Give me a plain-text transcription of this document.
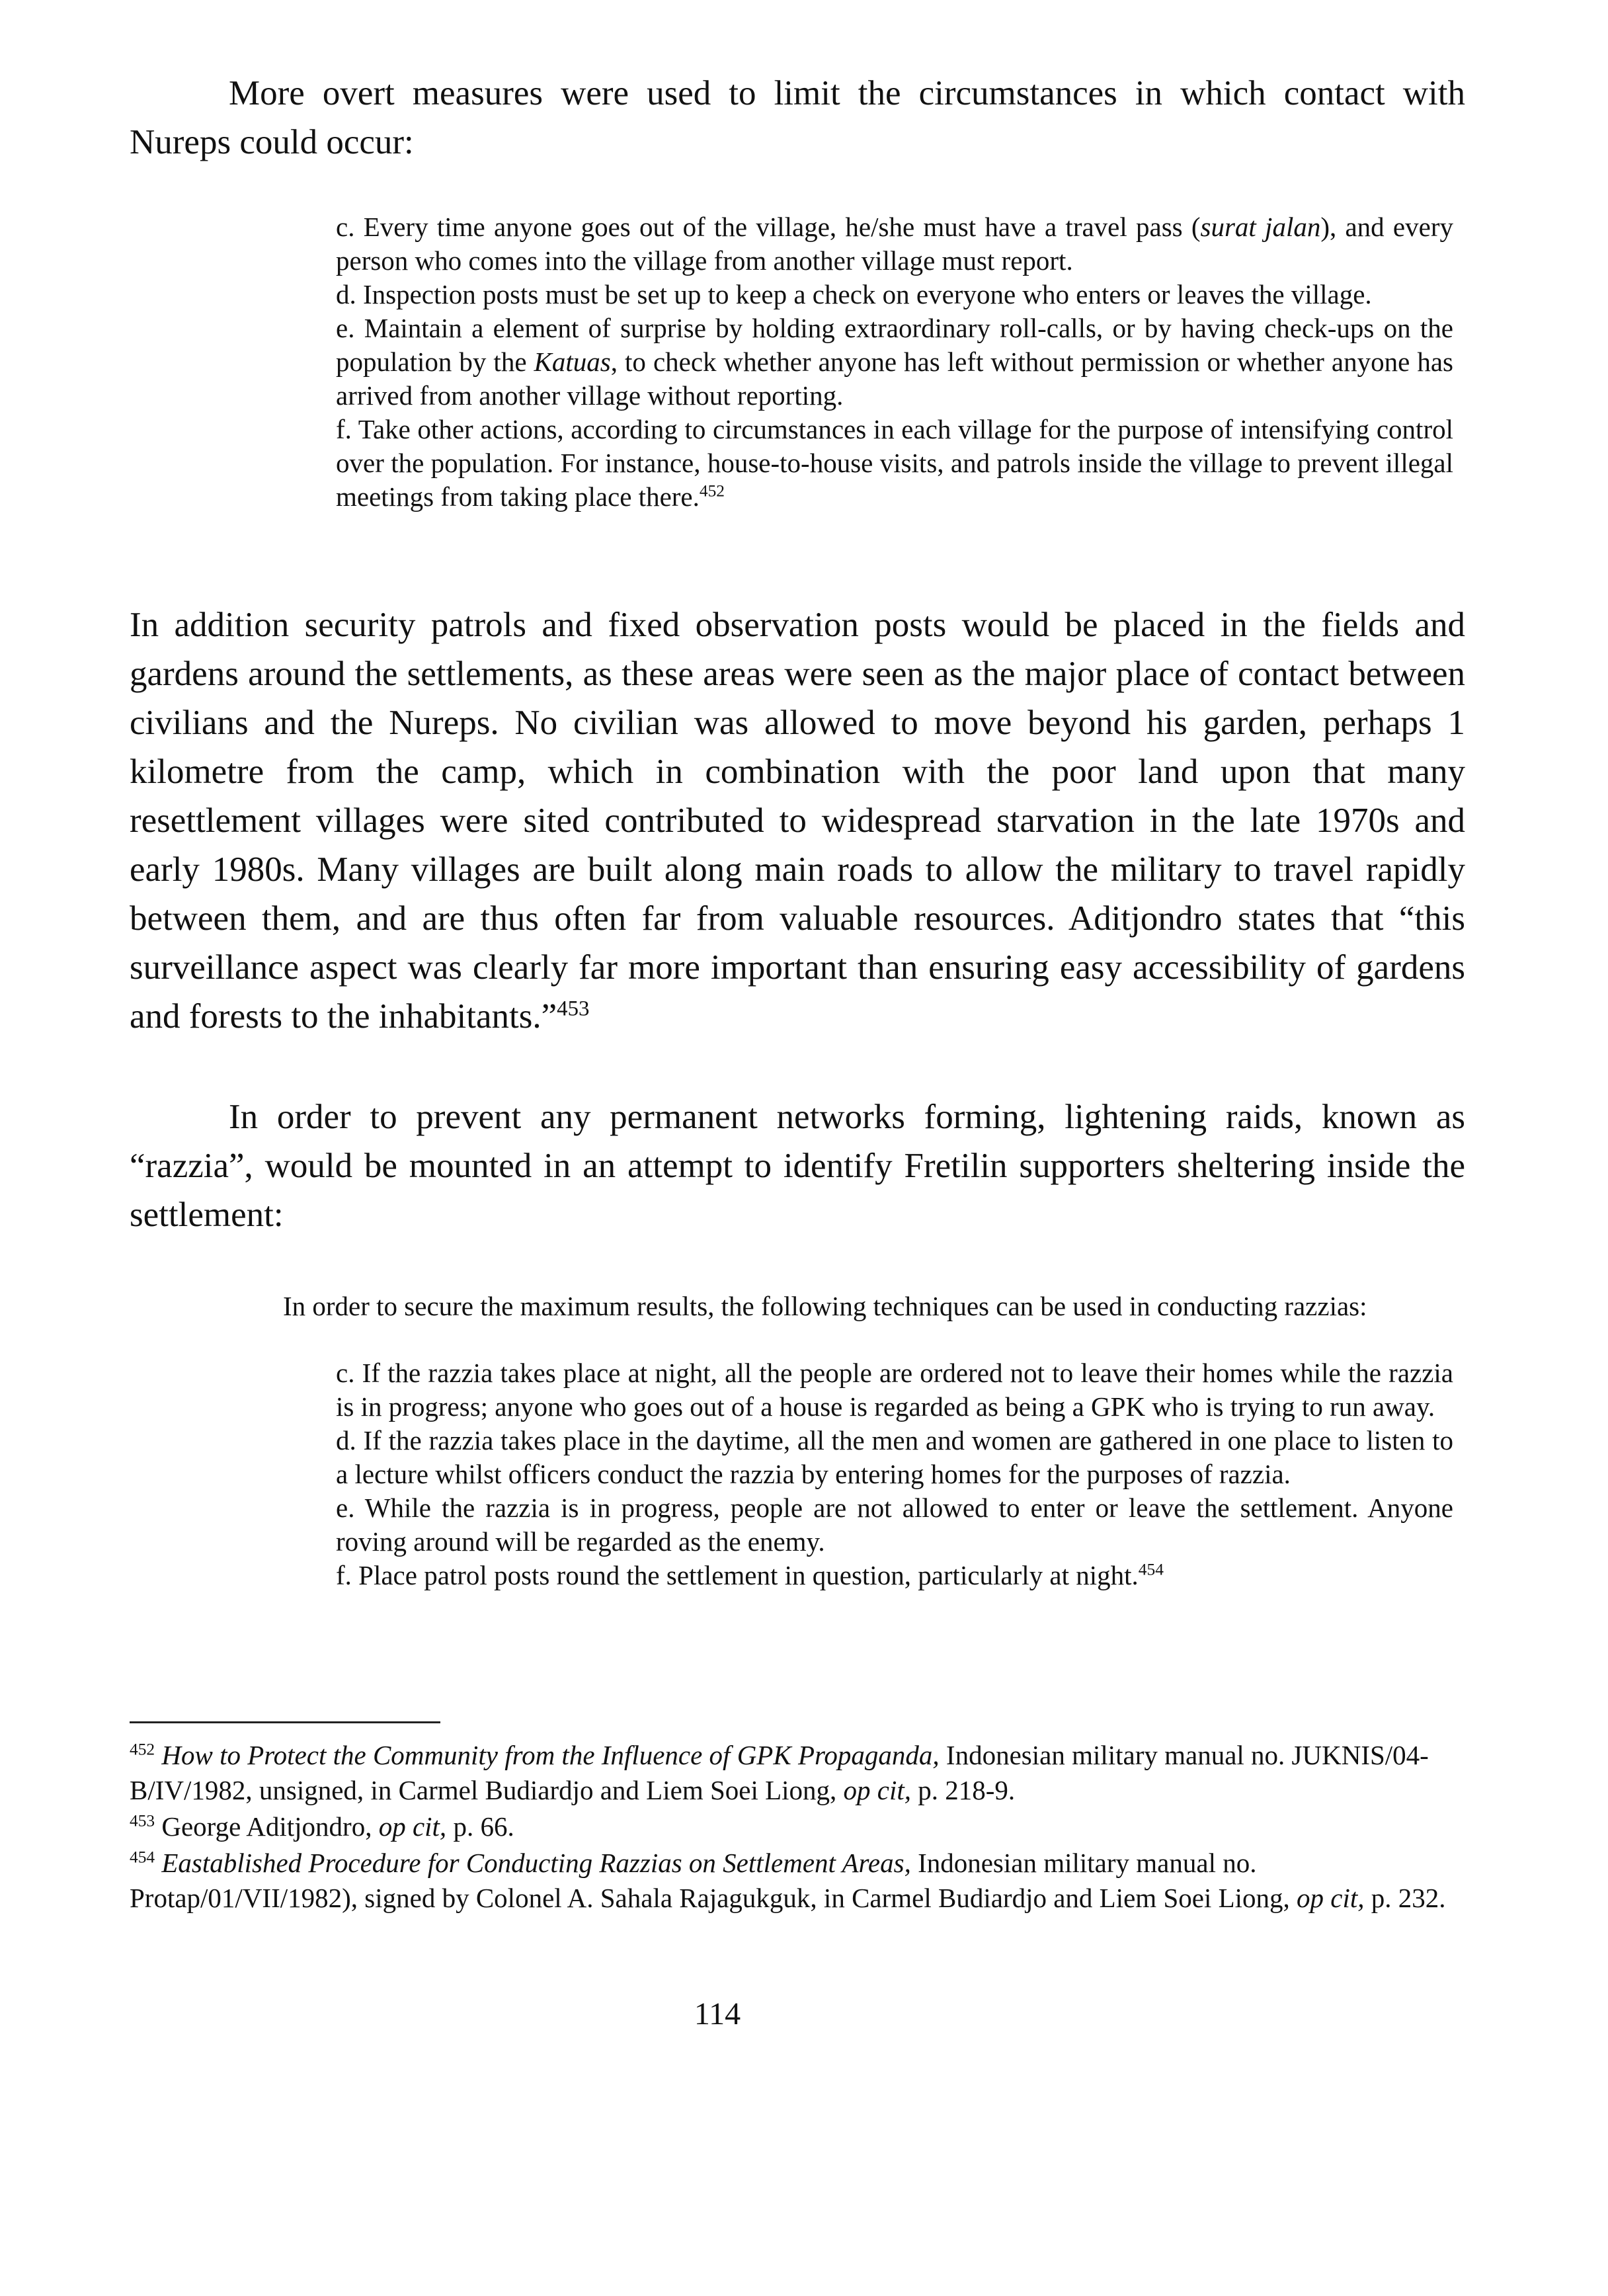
More overt measures were used to limit the circumstances in which contact with Nureps could occur:

c. Every time anyone goes out of the village, he/she must have a travel pass (surat jalan), and every person who comes into the village from another village must report.

d. Inspection posts must be set up to keep a check on everyone who enters or leaves the village.

e. Maintain a element of surprise by holding extraordinary roll-calls, or by having check-ups on the population by the Katuas, to check whether anyone has left without permission or whether anyone has arrived from another village without reporting.

f. Take other actions, according to circumstances in each village for the purpose of intensifying control over the population. For instance, house-to-house visits, and patrols inside the village to prevent illegal meetings from taking place there.$^{452}$

In addition security patrols and fixed observation posts would be placed in the fields and gardens around the settlements, as these areas were seen as the major place of contact between civilians and the Nureps. No civilian was allowed to move beyond his garden, perhaps 1 kilometre from the camp, which in combination with the poor land upon that many resettlement villages were sited contributed to widespread starvation in the late 1970s and early 1980s. Many villages are built along main roads to allow the military to travel rapidly between them, and are thus often far from valuable resources. Aditjondro states that “this surveillance aspect was clearly far more important than ensuring easy accessibility of gardens and forests to the inhabitants.”$^{453}$

In order to prevent any permanent networks forming, lightening raids, known as “razzia”, would be mounted in an attempt to identify Fretilin supporters sheltering inside the settlement:

In order to secure the maximum results, the following techniques can be used in conducting razzias:

c. If the razzia takes place at night, all the people are ordered not to leave their homes while the razzia is in progress; anyone who goes out of a house is regarded as being a GPK who is trying to run away.

d. If the razzia takes place in the daytime, all the men and women are gathered in one place to listen to a lecture whilst officers conduct the razzia by entering homes for the purposes of razzia.

e. While the razzia is in progress, people are not allowed to enter or leave the settlement. Anyone roving around will be regarded as the enemy.

f. Place patrol posts round the settlement in question, particularly at night.$^{454}$

$^{452}$ How to Protect the Community from the Influence of GPK Propaganda, Indonesian military manual no. JUKNIS/04-B/IV/1982, unsigned, in Carmel Budiardjo and Liem Soei Liong, op cit, p. 218-9.

$^{453}$ George Aditjondro, op cit, p. 66.

$^{454}$ Eastablished Procedure for Conducting Razzias on Settlement Areas, Indonesian military manual no. Protap/01/VII/1982), signed by Colonel A. Sahala Rajagukguk, in Carmel Budiardjo and Liem Soei Liong, op cit, p. 232.

114
